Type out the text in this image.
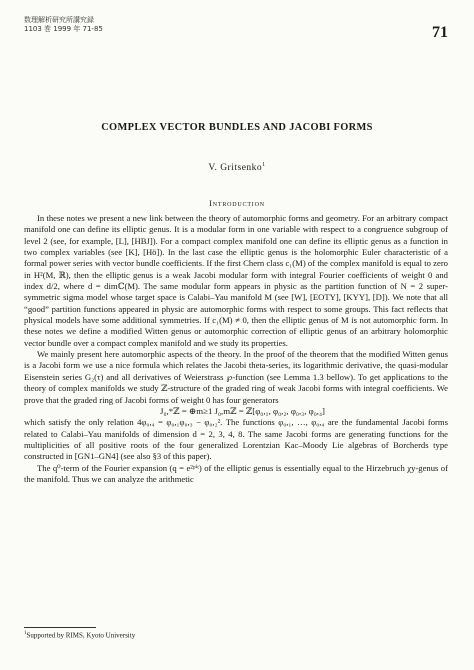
数理解析研究所講究録
1103 巻 1999 年 71-85	71
COMPLEX VECTOR BUNDLES AND JACOBI FORMS
V. Gritsenko$^1$
Introduction

In these notes we present a new link between the theory of automorphic forms and geometry. For an arbitrary compact manifold one can define its elliptic genus. It is a modular form in one variable with respect to a congruence subgroup of level 2 (see, for example, [L], [HBJ]). For a compact complex manifold one can define its elliptic genus as a function in two complex variables (see [K], [Hö]). In the last case the elliptic genus is the holomorphic Euler characteristic of a formal power series with vector bundle coefficients. If the first Chern class c₁(M) of the complex manifold is equal to zero in H²(M, ℝ), then the elliptic genus is a weak Jacobi modular form with integral Fourier coefficients of weight 0 and index d/2, where d = dimℂ(M). The same modular form appears in physic as the partition function of N = 2 super-symmetric sigma model whose target space is Calabi–Yau manifold M (see [W], [EOTY], [KYY], [D]). We note that all “good” partition functions appeared in physic are automorphic forms with respect to some groups. This fact reflects that physical models have some additional symmetries. If c₁(M) ≠ 0, then the elliptic genus of M is not automorphic form. In these notes we define a modified Witten genus or automorphic correction of elliptic genus of an arbitrary holomorphic vector bundle over a compact complex manifold and we study its properties.

We mainly present here automorphic aspects of the theory. In the proof of the theorem that the modified Witten genus is a Jacobi form we use a nice formula which relates the Jacobi theta-series, its logarithmic derivative, the quasi-modular Eisenstein series G₂(τ) and all derivatives of Weierstrass ℘-function (see Lemma 1.3 bellow). To get applications to the theory of complex manifolds we study ℤ-structure of the graded ring of weak Jacobi forms with integral coefficients. We prove that the graded ring of Jacobi forms of weight 0 has four generators

J₀,*ℤ = ⊕m≥1 J₀,mℤ = ℤ[φ₀,₁, φ₀,₂, φ₀,₃, φ₀,₄]

which satisfy the only relation 4φ₀,₄ = φ₀,₁φ₀,₃ − φ₀,₂². The functions φ₀,₁, …, φ₀,₄ are the fundamental Jacobi forms related to Calabi–Yau manifolds of dimension d = 2, 3, 4, 8. The same Jacobi forms are generating functions for the multiplicities of all positive roots of the four generalized Lorentzian Kac–Moody Lie algebras of Borcherds type constructed in [GN1–GN4] (see also §3 of this paper).

The q⁰-term of the Fourier expansion (q = e²ᵖⁱᵗ) of the elliptic genus is essentially equal to the Hirzebruch χy-genus of the manifold. Thus we can analyze the arithmetic

$^1$Supported by RIMS, Kyoto University
